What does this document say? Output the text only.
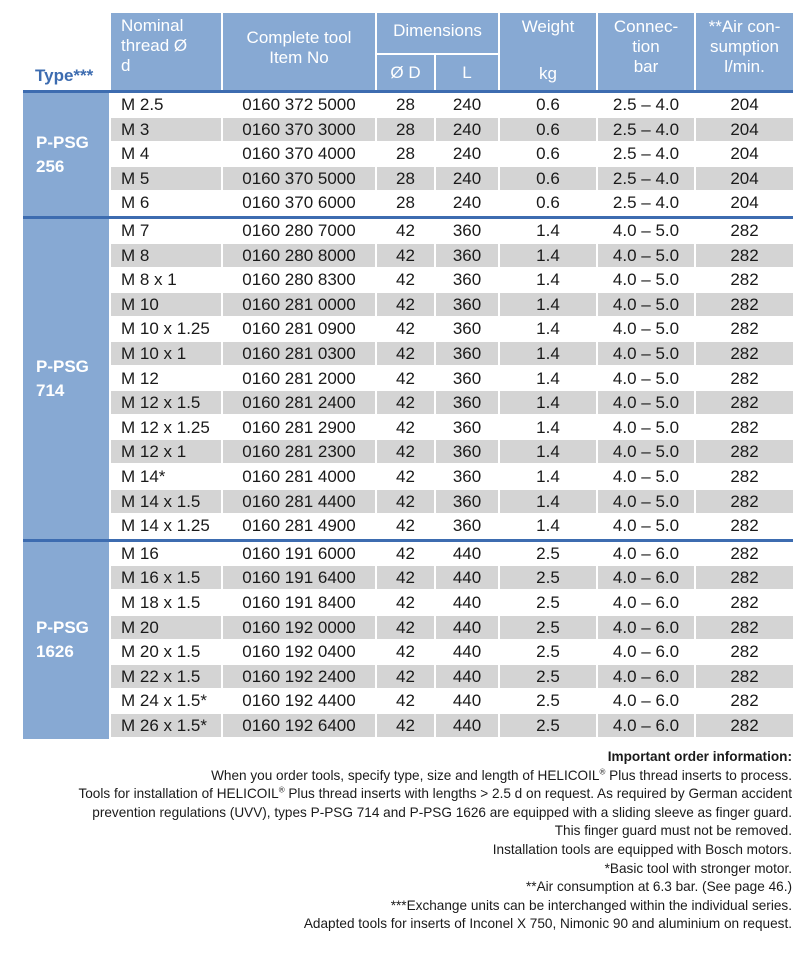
Type***
Nominal
thread Ø
d
Complete tool
Item No
Dimensions
Ø D	L
Weight
kg
Connec-
tion
bar
**Air con-
sumption
l/min.
P-PSG
256
M 2.5	0160 372 5000	28	240	0.6	2.5 – 4.0	204
M 3	0160 370 3000	28	240	0.6	2.5 – 4.0	204
M 4	0160 370 4000	28	240	0.6	2.5 – 4.0	204
M 5	0160 370 5000	28	240	0.6	2.5 – 4.0	204
M 6	0160 370 6000	28	240	0.6	2.5 – 4.0	204
P-PSG
714
M 7	0160 280 7000	42	360	1.4	4.0 – 5.0	282
M 8	0160 280 8000	42	360	1.4	4.0 – 5.0	282
M 8 x 1	0160 280 8300	42	360	1.4	4.0 – 5.0	282
M 10	0160 281 0000	42	360	1.4	4.0 – 5.0	282
M 10 x 1.25	0160 281 0900	42	360	1.4	4.0 – 5.0	282
M 10 x 1	0160 281 0300	42	360	1.4	4.0 – 5.0	282
M 12	0160 281 2000	42	360	1.4	4.0 – 5.0	282
M 12 x 1.5	0160 281 2400	42	360	1.4	4.0 – 5.0	282
M 12 x 1.25	0160 281 2900	42	360	1.4	4.0 – 5.0	282
M 12 x 1	0160 281 2300	42	360	1.4	4.0 – 5.0	282
M 14*	0160 281 4000	42	360	1.4	4.0 – 5.0	282
M 14 x 1.5	0160 281 4400	42	360	1.4	4.0 – 5.0	282
M 14 x 1.25	0160 281 4900	42	360	1.4	4.0 – 5.0	282
P-PSG
1626
M 16	0160 191 6000	42	440	2.5	4.0 – 6.0	282
M 16 x 1.5	0160 191 6400	42	440	2.5	4.0 – 6.0	282
M 18 x 1.5	0160 191 8400	42	440	2.5	4.0 – 6.0	282
M 20	0160 192 0000	42	440	2.5	4.0 – 6.0	282
M 20 x 1.5	0160 192 0400	42	440	2.5	4.0 – 6.0	282
M 22 x 1.5	0160 192 2400	42	440	2.5	4.0 – 6.0	282
M 24 x 1.5*	0160 192 4400	42	440	2.5	4.0 – 6.0	282
M 26 x 1.5*	0160 192 6400	42	440	2.5	4.0 – 6.0	282
Important order information:
When you order tools, specify type, size and length of HELICOIL® Plus thread inserts to process.
Tools for installation of HELICOIL® Plus thread inserts with lengths > 2.5 d on request. As required by German accident
prevention regulations (UVV), types P-PSG 714 and P-PSG 1626 are equipped with a sliding sleeve as finger guard.
This finger guard must not be removed.
Installation tools are equipped with Bosch motors.
*Basic tool with stronger motor.
**Air consumption at 6.3 bar. (See page 46.)
***Exchange units can be interchanged within the individual series.
Adapted tools for inserts of Inconel X 750, Nimonic 90 and aluminium on request.
